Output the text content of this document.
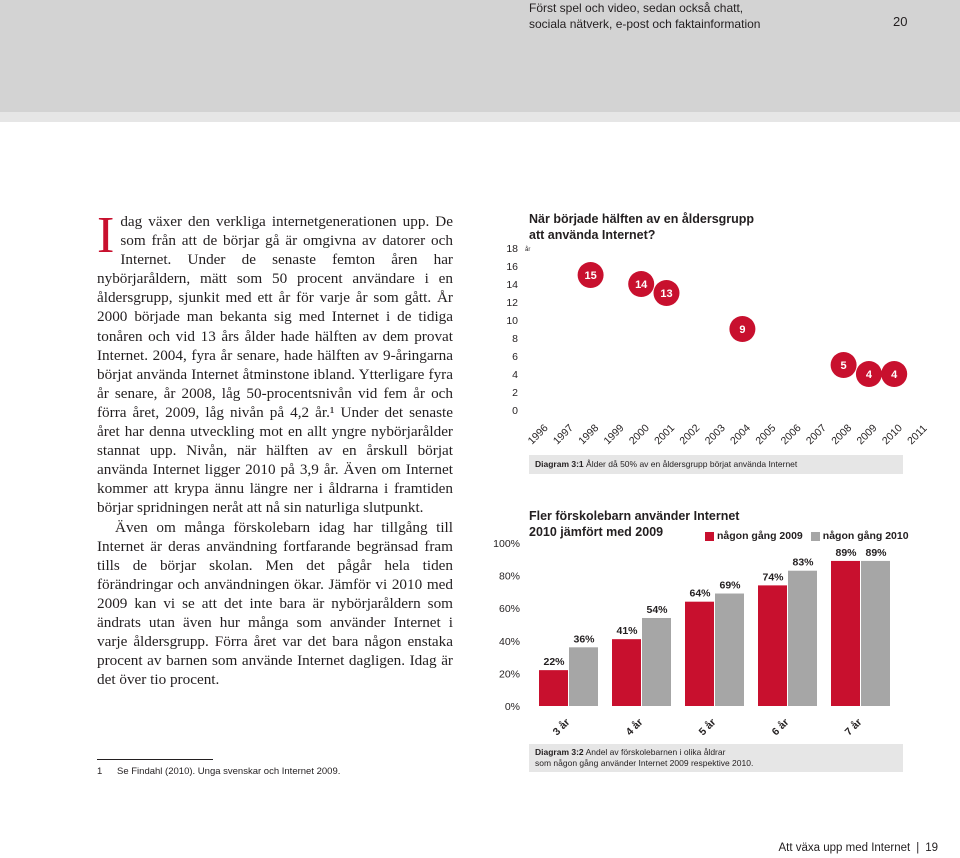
Först spel och video, sedan också chatt,
sociala nätverk, e-post och faktainformation	20

Idag växer den verkliga internetgenerationen upp. De som från att de börjar gå är omgivna av datorer och Internet. Under de senaste femton åren har nybörjaråldern, mätt som 50 procent användare i en åldersgrupp, sjunkit med ett år för varje år som gått. År 2000 började man bekanta sig med Internet i de tidiga tonåren och vid 13 års ålder hade hälften av dem provat Internet. 2004, fyra år senare, hade hälften av 9-åringarna börjat använda Internet åtminstone ibland. Ytterligare fyra år senare, år 2008, låg 50-procentsnivån vid fem år och förra året, 2009, låg nivån på 4,2 år.¹ Under det senaste året har denna utveckling mot en allt yngre nybörjarålder stannat upp. Nivån, när hälften av en årskull börjat använda Internet ligger 2010 på 3,9 år. Även om Internet kommer att krypa ännu längre ner i åldrarna i framtiden börjar spridningen neråt att nå sin naturliga slutpunkt.

Även om många förskolebarn idag har tillgång till Internet är deras användning fortfarande begränsad fram tills de börjar skolan. Men det pågår hela tiden förändringar och användningen ökar. Jämför vi 2010 med 2009 kan vi se att det inte bara är nybörjaråldern som ändrats utan även hur många som använder Internet i varje åldersgrupp. Förra året var det bara någon enstaka procent av barnen som använde Internet dagligen. Idag är det över tio procent.

1 Se Findahl (2010). Unga svenskar och Internet 2009.
När började hälften av en åldersgrupp
att använda Internet?
18
16
14
12
10
8
6
4
2
0
år
1996 1997 1998 1999 2000 2001 2002 2003 2004 2005 2006 2007 2008 2009 2010 2011
15
14
13
9
5
4 4
Diagram 3:1 Ålder då 50% av en åldersgrupp börjat använda Internet
Fler förskolebarn använder Internet
2010 jämfört med 2009	någon gång 2009	någon gång 2010
100%
80%
60%
40%
20%
0%
22%
36%
3 år
41%
54%
4 år
64%
69%
5 år
74%
83%
6 år
89% 89%
7 år
Diagram 3:2 Andel av förskolebarnen i olika åldrar
som någon gång använder Internet 2009 respektive 2010.
Att växa upp med Internet | 19
